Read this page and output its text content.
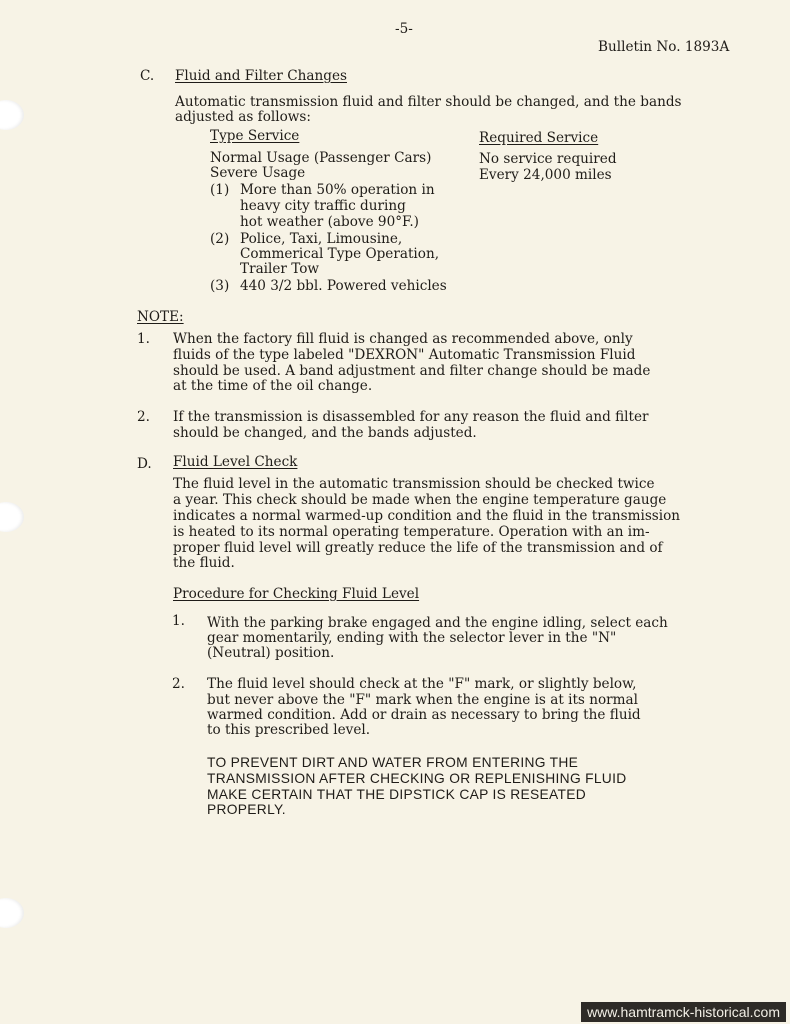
-5-
Bulletin No. 1893A
C. Fluid and Filter Changes
Automatic transmission fluid and filter should be changed, and the bands
adjusted as follows:
Type Service	Required Service
Normal Usage (Passenger Cars)	No service required
Severe Usage	Every 24,000 miles
(1) More than 50% operation in
heavy city traffic during
hot weather (above 90°F.)
(2) Police, Taxi, Limousine,
Commerical Type Operation,
Trailer Tow
(3) 440 3/2 bbl. Powered vehicles
NOTE:
1. When the factory fill fluid is changed as recommended above, only
fluids of the type labeled "DEXRON" Automatic Transmission Fluid
should be used. A band adjustment and filter change should be made
at the time of the oil change.
2. If the transmission is disassembled for any reason the fluid and filter
should be changed, and the bands adjusted.
D. Fluid Level Check
The fluid level in the automatic transmission should be checked twice
a year. This check should be made when the engine temperature gauge
indicates a normal warmed-up condition and the fluid in the transmission
is heated to its normal operating temperature. Operation with an im-
proper fluid level will greatly reduce the life of the transmission and of
the fluid.
Procedure for Checking Fluid Level
1. With the parking brake engaged and the engine idling, select each
gear momentarily, ending with the selector lever in the "N"
(Neutral) position.
2. The fluid level should check at the "F" mark, or slightly below,
but never above the "F" mark when the engine is at its normal
warmed condition. Add or drain as necessary to bring the fluid
to this prescribed level.
TO PREVENT DIRT AND WATER FROM ENTERING THE
TRANSMISSION AFTER CHECKING OR REPLENISHING FLUID
MAKE CERTAIN THAT THE DIPSTICK CAP IS RESEATED
PROPERLY.
www.hamtramck-historical.com
